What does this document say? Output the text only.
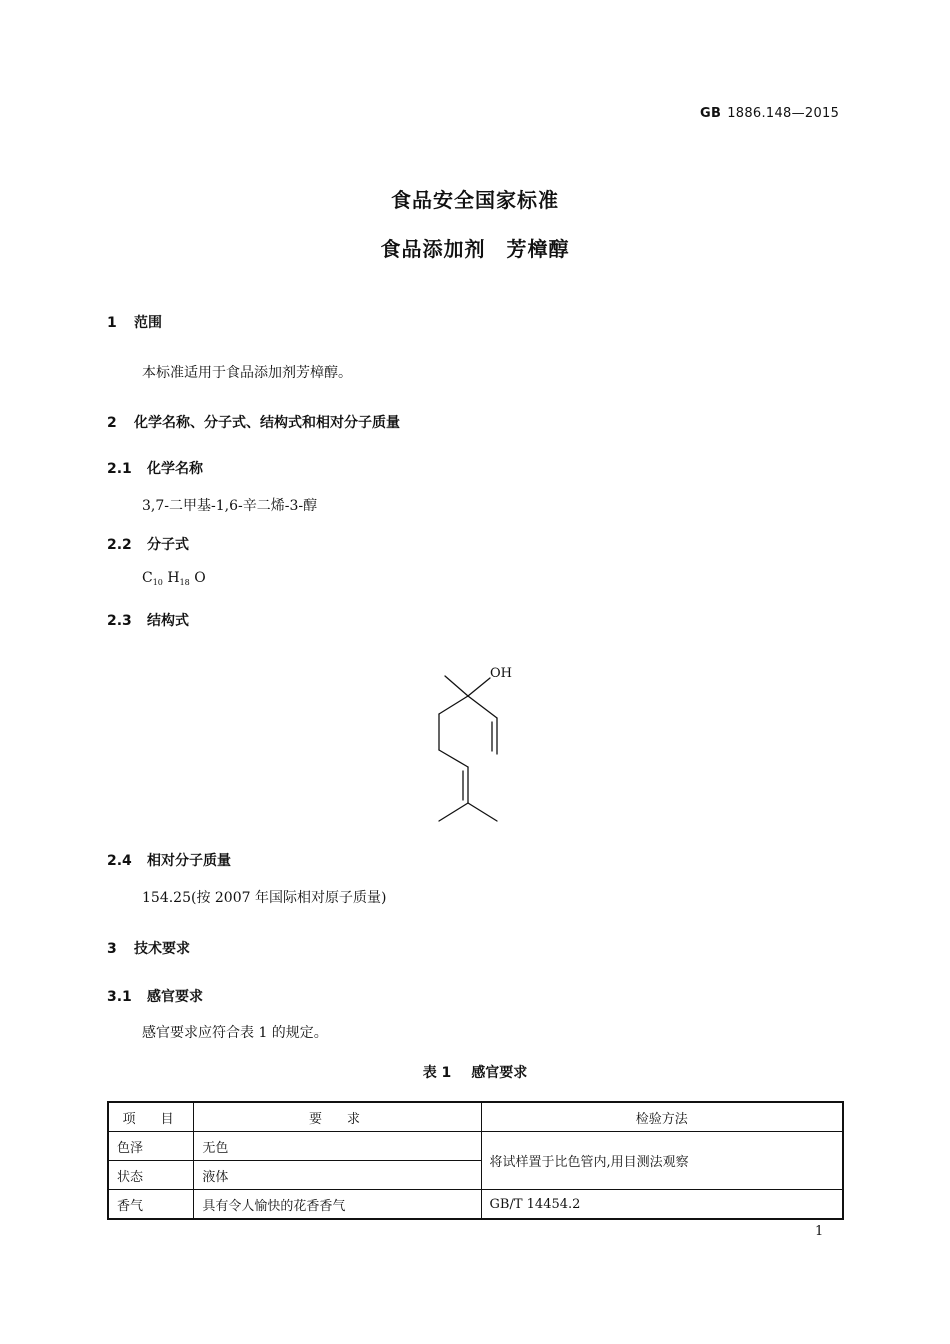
GB 1886.148—2015
食品安全国家标准
食品添加剂　芳樟醇
1 范围
本标准适用于食品添加剂芳樟醇。
2 化学名称、分子式、结构式和相对分子质量
2.1 化学名称
3,7-二甲基-1,6-辛二烯-3-醇
2.2 分子式
$C_{10}$ $H_{18}$ O
2.3 结构式
OH
2.4 相对分子质量
154.25(按 2007 年国际相对原子质量)
3 技术要求
3.1 感官要求
感官要求应符合表 1 的规定。
表 1 感官要求
项　目	要　求	检验方法
色泽	无色	将试样置于比色管内,用目测法观察
状态	液体	
香气	具有令人愉快的花香香气	GB/T 14454.2
1
